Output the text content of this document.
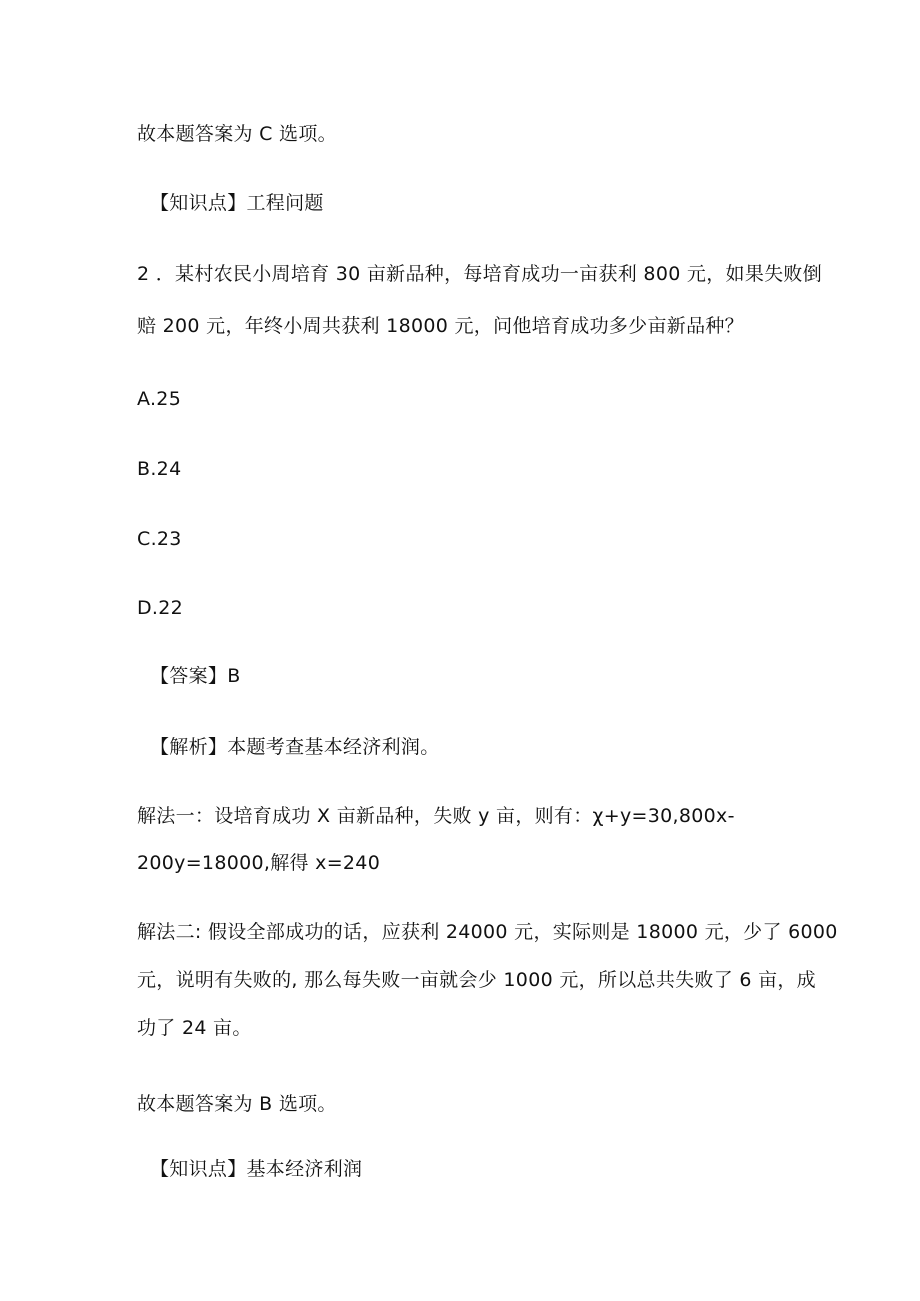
故本题答案为 C 选项。
【知识点】工程问题
2 ．某村农民小周培育 30 亩新品种，每培育成功一亩获利 800 元，如果失败倒
赔 200 元，年终小周共获利 18000 元，问他培育成功多少亩新品种？
A.25
B.24
C.23
D.22
【答案】B
【解析】本题考查基本经济利润。
解法一：设培育成功 X 亩新品种，失败 y 亩，则有：χ+y=30,800x-
200y=18000,解得 x=240
解法二: 假设全部成功的话，应获利 24000 元，实际则是 18000 元，少了 6000
元，说明有失败的, 那么每失败一亩就会少 1000 元，所以总共失败了 6 亩，成
功了 24 亩。
故本题答案为 B 选项。
【知识点】基本经济利润
